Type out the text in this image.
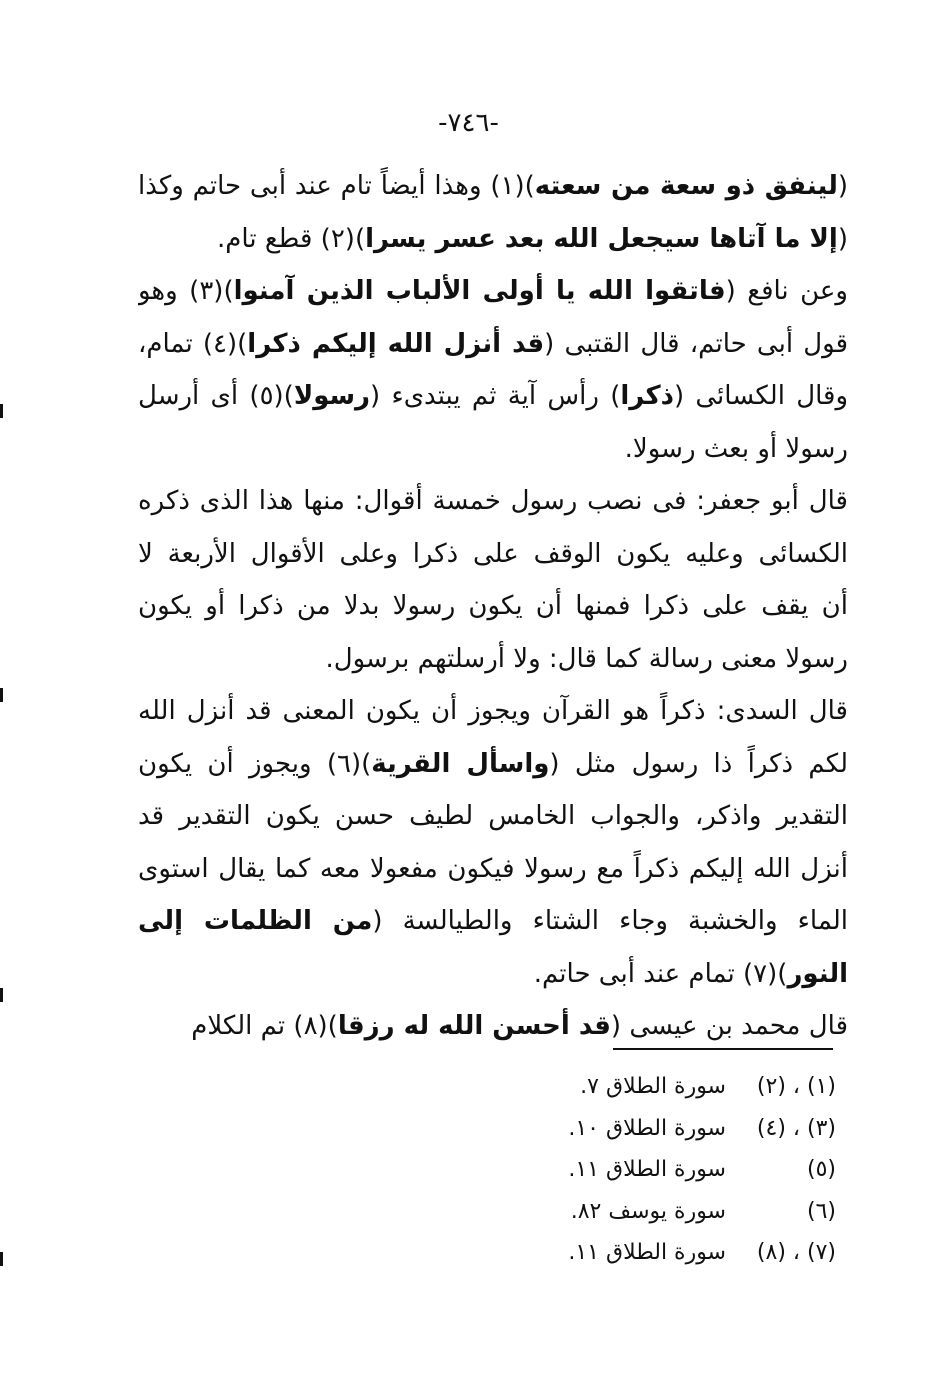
-٧٤٦-
(لينفق ذو سعة من سعته)(١) وهذا أيضاً تام عند أبى حاتم وكذا
(إلا ما آتاها سيجعل الله بعد عسر يسرا)(٢) قطع تام.
وعن نافع (فاتقوا الله يا أولى الألباب الذين آمنوا)(٣) وهو
قول أبى حاتم، قال القتبى (قد أنزل الله إليكم ذكرا)(٤) تمام،
وقال الكسائى (ذكرا) رأس آية ثم يبتدىء (رسولا)(٥) أى أرسل
رسولا أو بعث رسولا.
قال أبو جعفر: فى نصب رسول خمسة أقوال: منها هذا الذى ذكره
الكسائى وعليه يكون الوقف على ذكرا وعلى الأقوال الأربعة لا
أن يقف على ذكرا فمنها أن يكون رسولا بدلا من ذكرا أو يكون
رسولا معنى رسالة كما قال: ولا أرسلتهم برسول.
قال السدى: ذكراً هو القرآن ويجوز أن يكون المعنى قد أنزل الله
لكم ذكراً ذا رسول مثل (واسأل القرية)(٦) ويجوز أن يكون
التقدير واذكر، والجواب الخامس لطيف حسن يكون التقدير قد
أنزل الله إليكم ذكراً مع رسولا فيكون مفعولا معه كما يقال استوى
الماء والخشبة وجاء الشتاء والطيالسة (من الظلمات إلى
النور)(٧) تمام عند أبى حاتم.
قال محمد بن عيسى (قد أحسن الله له رزقا)(٨) تم الكلام
(١) ، (٢)
سورة الطلاق ٧.
(٣) ، (٤)
سورة الطلاق ١٠.
(٥)
سورة الطلاق ١١.
(٦)
سورة يوسف ٨٢.
(٧) ، (٨)
سورة الطلاق ١١.
